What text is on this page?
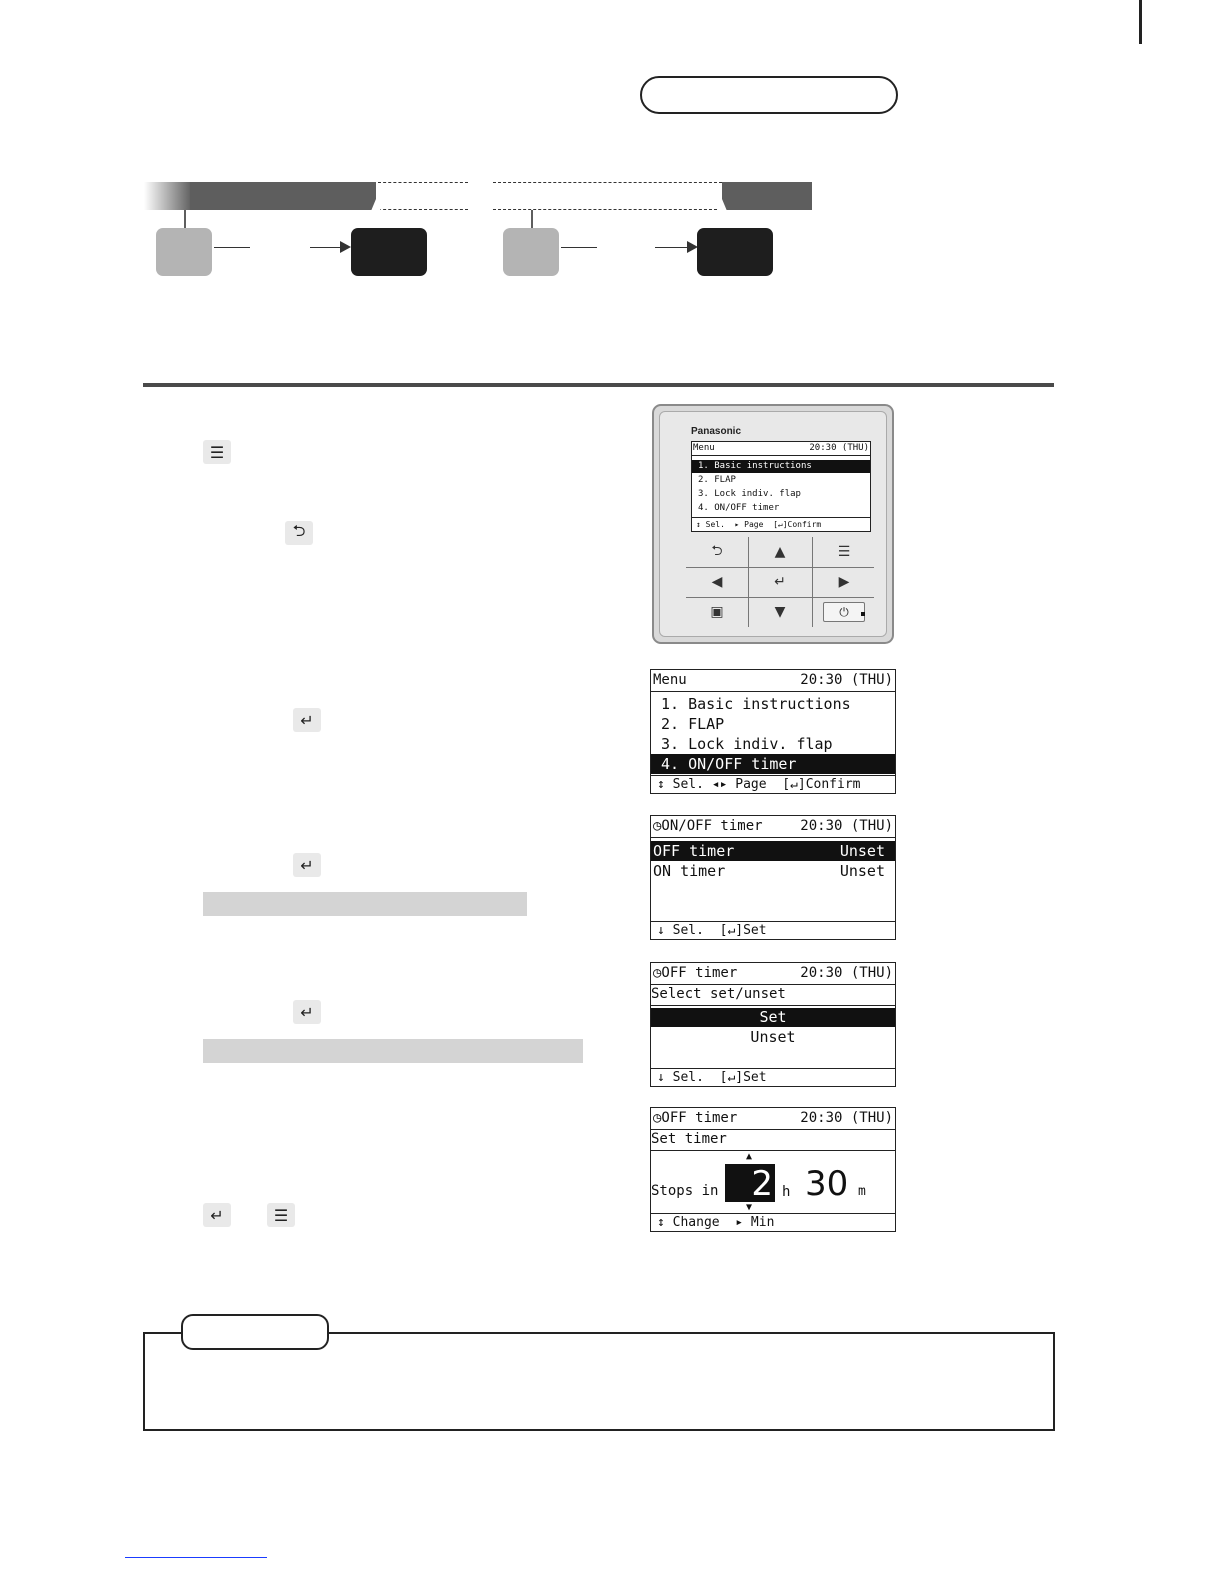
☰
⮌
↵
↵
↵
↵	☰
Panasonic
Menu	20:30 (THU)
1. Basic instructions
2. FLAP
3. Lock indiv. flap
4. ON/OFF timer
↕ Sel.  ▸ Page  [↵]Confirm
⮌	▲	☰
◀	↵	▶
▣	▼	⏻
Menu	20:30 (THU)
1. Basic instructions
2. FLAP
3. Lock indiv. flap
4. ON/OFF timer
↕ Sel. ◂▸ Page  [↵]Confirm
◷ON/OFF timer	20:30 (THU)
OFF timer	Unset
ON timer	Unset
↓ Sel.  [↵]Set
◷OFF timer	20:30 (THU)
Select set/unset
Set
Unset
↓ Sel.  [↵]Set
◷OFF timer	20:30 (THU)
Set timer
Stops in
▲
2
▼
h 30 m
↕ Change  ▸ Min
